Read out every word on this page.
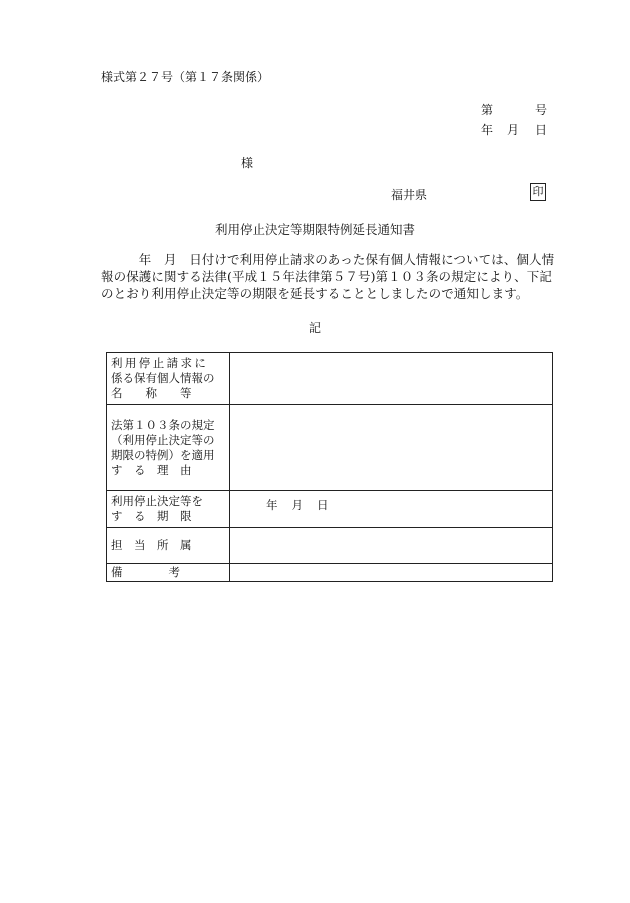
様式第２７号（第１７条関係）
第	号
年	月	日
様
福井県	印
利用停止決定等期限特例延長通知書
　　　年　月　日付けで利用停止請求のあった保有個人情報については、個人情報の保護に関する法律(平成１５年法律第５７号)第１０３条の規定により、下記のとおり利用停止決定等の期限を延長することとしましたので通知します。
記
利用停止請求に
係る保有個人情報の
名　　称　　等	

法第１０３条の規定
（利用停止決定等の
期限の特例）を適用
す　る　理　由	

利用停止決定等を
す　る　期　限	年 月 日

担　当　所　属	

備　　　　考	
